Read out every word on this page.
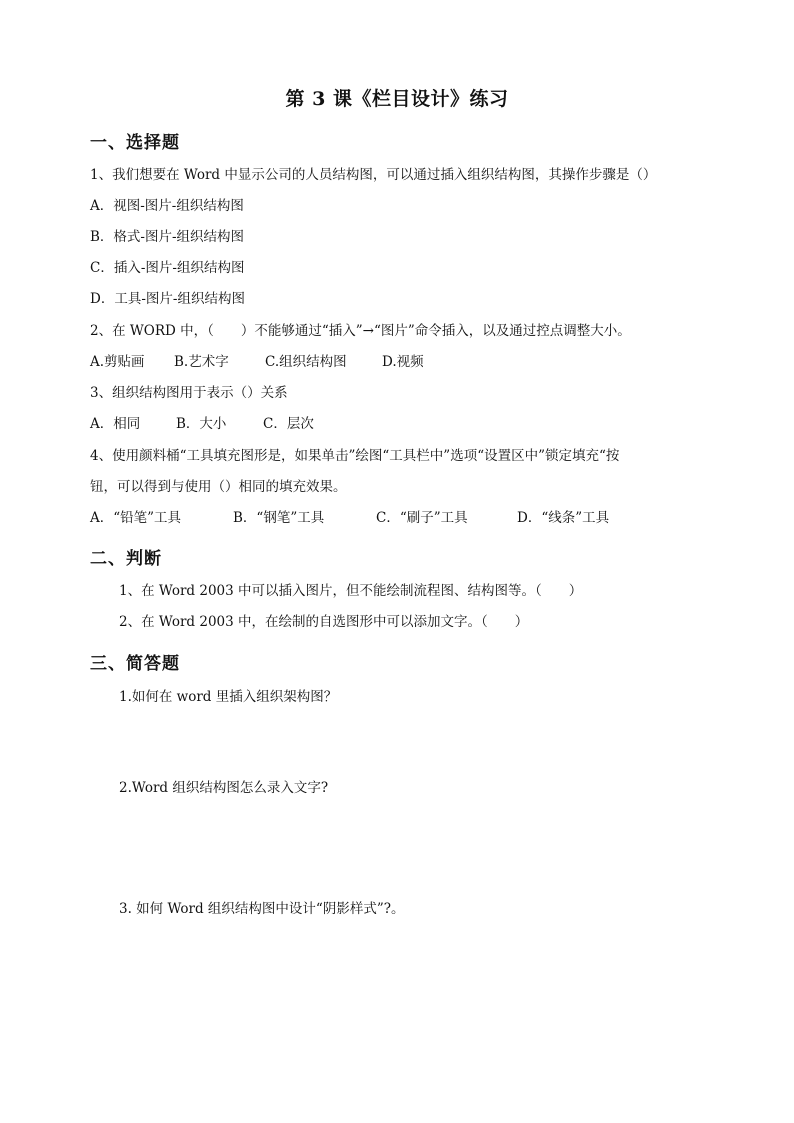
第 3 课《栏目设计》练习
一、选择题
1、我们想要在 Word 中显示公司的人员结构图，可以通过插入组织结构图，其操作步骤是（）
A．视图-图片-组织结构图
B．格式-图片-组织结构图
C．插入-图片-组织结构图
D．工具-图片-组织结构图
2、在 WORD 中，（　　）不能够通过“插入”→“图片”命令插入，以及通过控点调整大小。
A.剪贴画 B.艺术字	C.组织结构图	D.视频
3、组织结构图用于表示（）关系
A．相同	B．大小	C．层次
4、使用颜料桶“工具填充图形是，如果单击”绘图“工具栏中”选项“设置区中”锁定填充“按
钮，可以得到与使用（）相同的填充效果。
A．“铅笔”工具	B．“钢笔”工具	C．“刷子”工具	D．“线条”工具
二、判断
1、在 Word 2003 中可以插入图片，但不能绘制流程图、结构图等。（　　）
2、在 Word 2003 中，在绘制的自选图形中可以添加文字。（　　）
三、简答题
1.如何在 word 里插入组织架构图？
2.Word 组织结构图怎么录入文字?
3. 如何 Word 组织结构图中设计“阴影样式”?。
